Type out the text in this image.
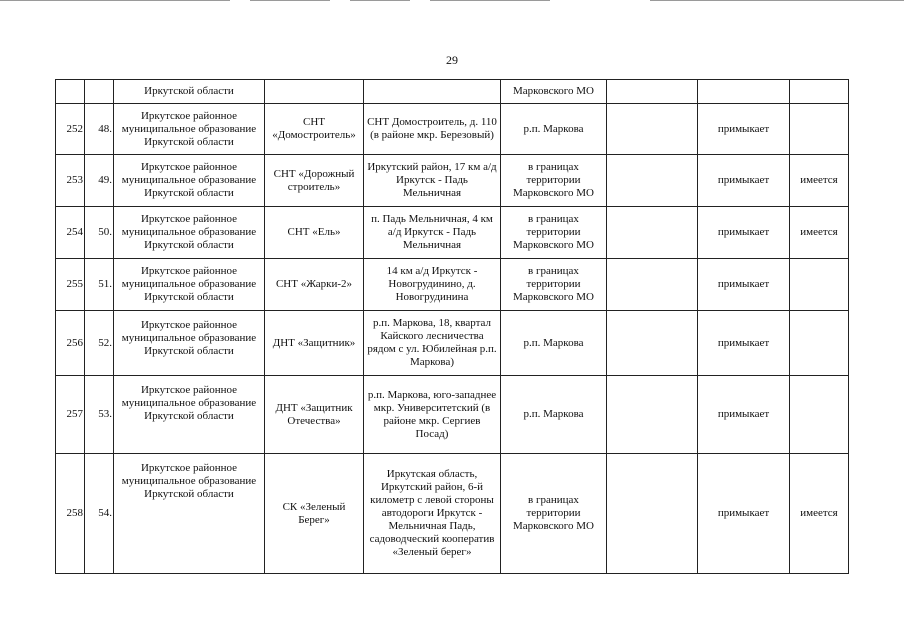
29
		Иркутской области			Марковского МО			
252	48.	Иркутское районное муниципальное образование Иркутской области	СНТ «Домостроитель»	СНТ Домостроитель, д. 110 (в районе мкр. Березовый)	р.п. Маркова		примыкает	
253	49.	Иркутское районное муниципальное образование Иркутской области	СНТ «Дорожный строитель»	Иркутский район, 17 км а/д Иркутск - Падь Мельничная	в границах территории Марковского МО		примыкает	имеется
254	50.	Иркутское районное муниципальное образование Иркутской области	СНТ «Ель»	п. Падь Мельничная, 4 км а/д Иркутск - Падь Мельничная	в границах территории Марковского МО		примыкает	имеется
255	51.	Иркутское районное муниципальное образование Иркутской области	СНТ «Жарки-2»	14 км а/д Иркутск - Новогрудинино, д. Новогрудинина	в границах территории Марковского МО		примыкает	
256	52.	Иркутское районное муниципальное образование Иркутской области	ДНТ «Защитник»	р.п. Маркова, 18, квартал Кайского лесничества рядом с ул. Юбилейная р.п. Маркова)	р.п. Маркова		примыкает	
257	53.	Иркутское районное муниципальное образование Иркутской области	ДНТ «Защитник Отечества»	р.п. Маркова, юго-западнее мкр. Университетский (в районе мкр. Сергиев Посад)	р.п. Маркова		примыкает	
258	54.	Иркутское районное муниципальное образование Иркутской области	СК «Зеленый Берег»	Иркутская область, Иркутский район, 6-й километр с левой стороны автодороги Иркутск - Мельничная Падь, садоводческий кооператив «Зеленый берег»	в границах территории Марковского МО		примыкает	имеется
